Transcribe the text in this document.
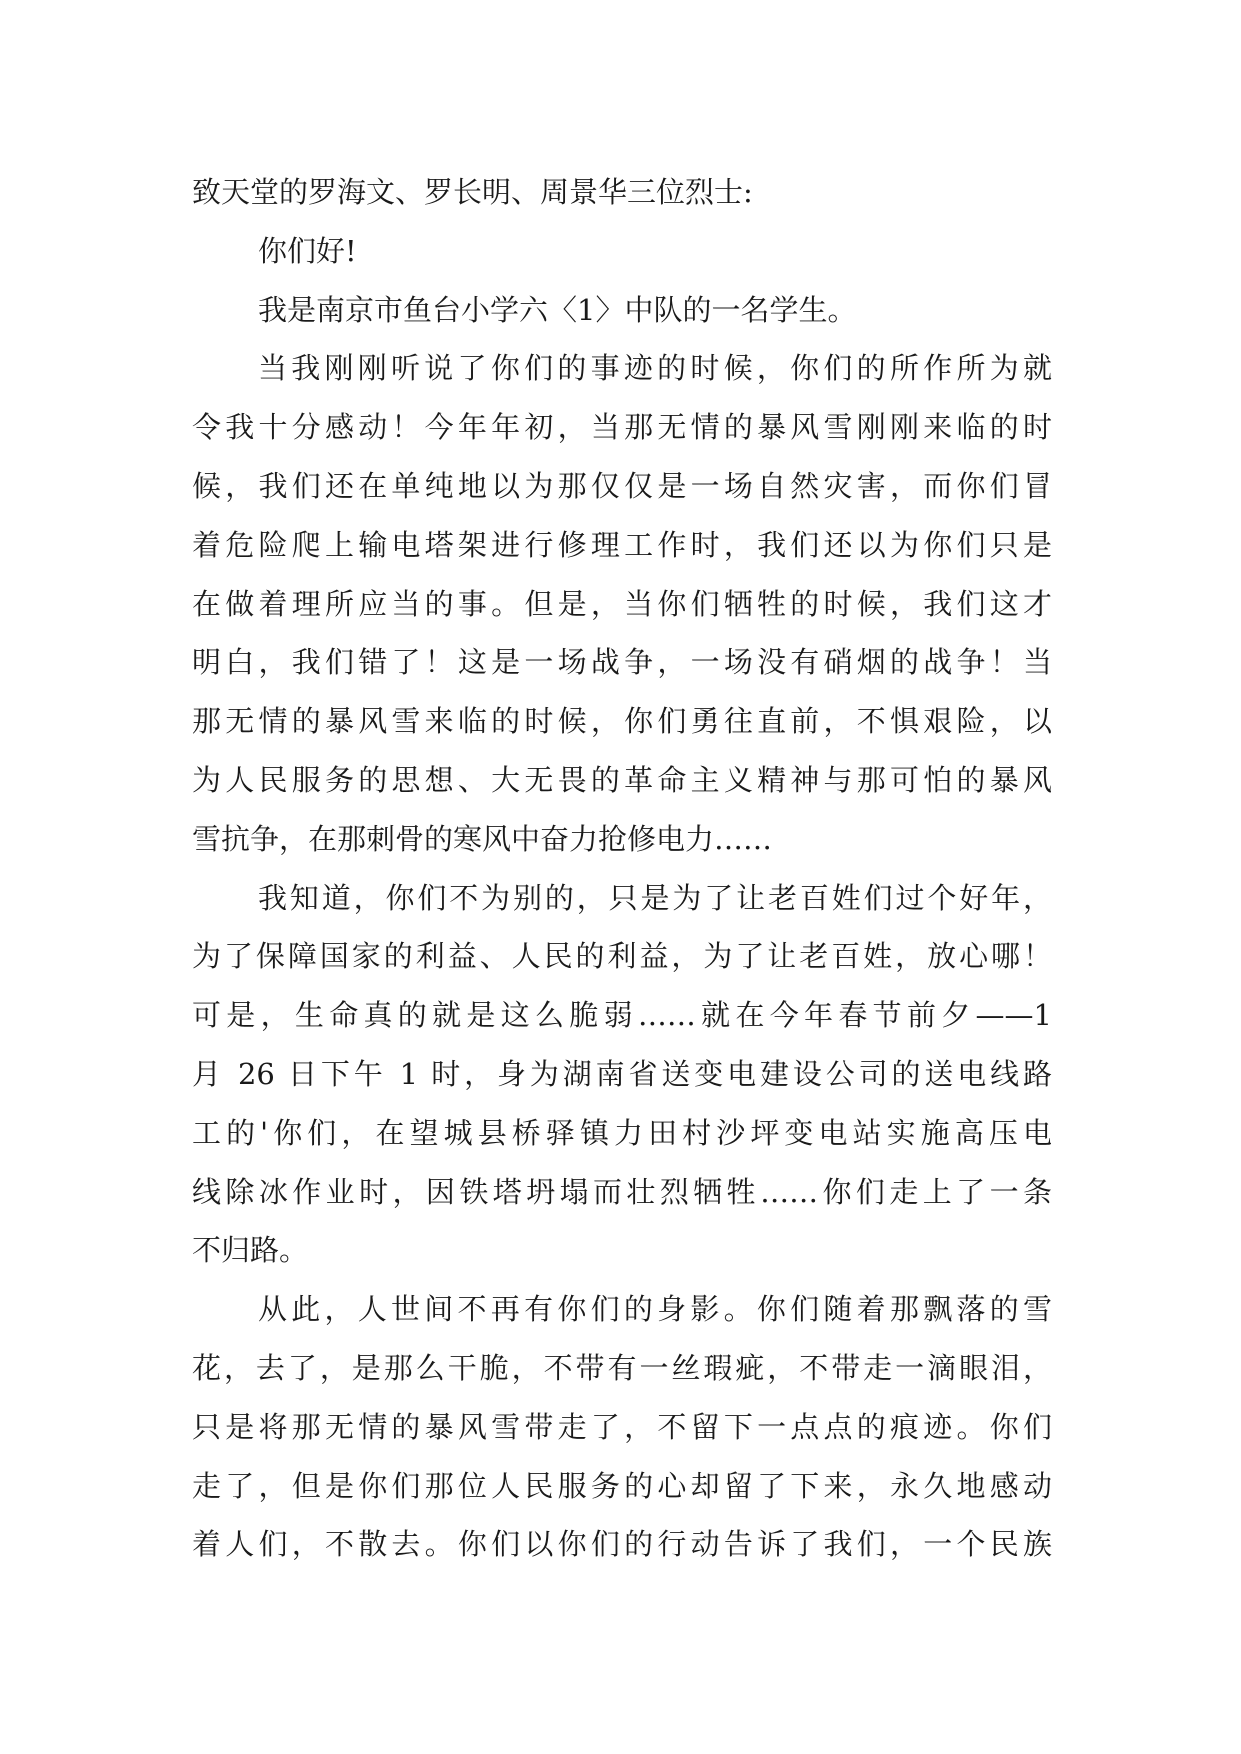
致天堂的罗海文、罗长明、周景华三位烈士:
你们好!
我是南京市鱼台小学六〈1〉中队的一名学生。
当我刚刚听说了你们的事迹的时候，你们的所作所为就
令我十分感动！今年年初，当那无情的暴风雪刚刚来临的时
候，我们还在单纯地以为那仅仅是一场自然灾害，而你们冒
着危险爬上输电塔架进行修理工作时，我们还以为你们只是
在做着理所应当的事。但是，当你们牺牲的时候，我们这才
明白，我们错了！这是一场战争，一场没有硝烟的战争！当
那无情的暴风雪来临的时候，你们勇往直前，不惧艰险，以
为人民服务的思想、大无畏的革命主义精神与那可怕的暴风
雪抗争，在那刺骨的寒风中奋力抢修电力……
我知道，你们不为别的，只是为了让老百姓们过个好年，
为了保障国家的利益、人民的利益，为了让老百姓，放心哪！
可是，生命真的就是这么脆弱……就在今年春节前夕——1
月 26 日下午 1 时，身为湖南省送变电建设公司的送电线路
工的'你们，在望城县桥驿镇力田村沙坪变电站实施高压电
线除冰作业时，因铁塔坍塌而壮烈牺牲……你们走上了一条
不归路。
从此，人世间不再有你们的身影。你们随着那飘落的雪
花，去了，是那么干脆，不带有一丝瑕疵，不带走一滴眼泪，
只是将那无情的暴风雪带走了，不留下一点点的痕迹。你们
走了，但是你们那位人民服务的心却留了下来，永久地感动
着人们，不散去。你们以你们的行动告诉了我们，一个民族
